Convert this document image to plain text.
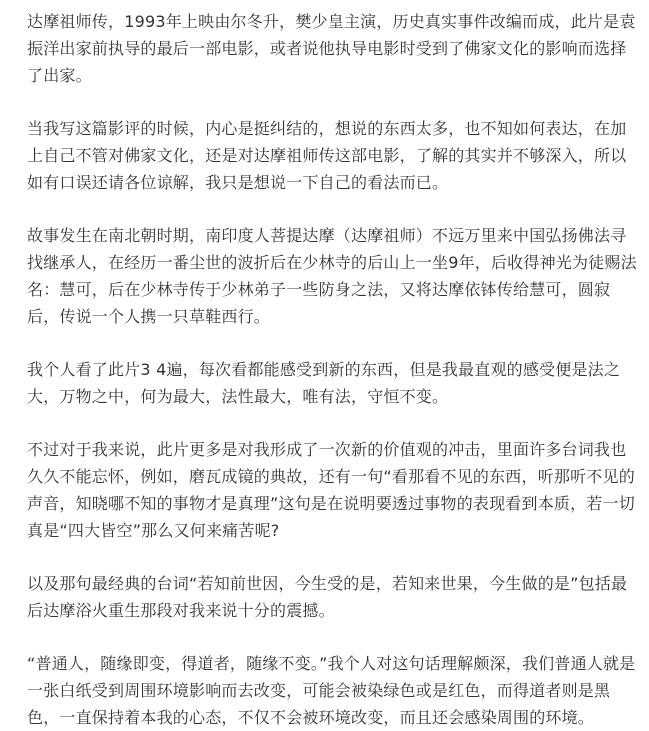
达摩祖师传，1993年上映由尔冬升，樊少皇主演，历史真实事件改编而成，此片是袁振洋出家前执导的最后一部电影，或者说他执导电影时受到了佛家文化的影响而选择了出家。

当我写这篇影评的时候，内心是挺纠结的，想说的东西太多，也不知如何表达，在加上自己不管对佛家文化，还是对达摩祖师传这部电影，了解的其实并不够深入，所以如有口误还请各位谅解，我只是想说一下自己的看法而已。

故事发生在南北朝时期，南印度人菩提达摩（达摩祖师）不远万里来中国弘扬佛法寻找继承人，在经历一番尘世的波折后在少林寺的后山上一坐9年，后收得神光为徒赐法名：慧可，后在少林寺传于少林弟子一些防身之法，又将达摩依钵传给慧可，圆寂后，传说一个人携一只草鞋西行。

我个人看了此片3 4遍，每次看都能感受到新的东西，但是我最直观的感受便是法之大，万物之中，何为最大，法性最大，唯有法，守恒不变。

不过对于我来说，此片更多是对我形成了一次新的价值观的冲击，里面许多台词我也久久不能忘怀，例如，磨瓦成镜的典故，还有一句“看那看不见的东西，听那听不见的声音，知晓哪不知的事物才是真理”这句是在说明要透过事物的表现看到本质，若一切真是“四大皆空”那么又何来痛苦呢?

以及那句最经典的台词“若知前世因，今生受的是，若知来世果，今生做的是”包括最后达摩浴火重生那段对我来说十分的震撼。

“普通人，随缘即变，得道者，随缘不变。”我个人对这句话理解颇深，我们普通人就是一张白纸受到周围环境影响而去改变，可能会被染绿色或是红色，而得道者则是黑色，一直保持着本我的心态，不仅不会被环境改变，而且还会感染周围的环境。
